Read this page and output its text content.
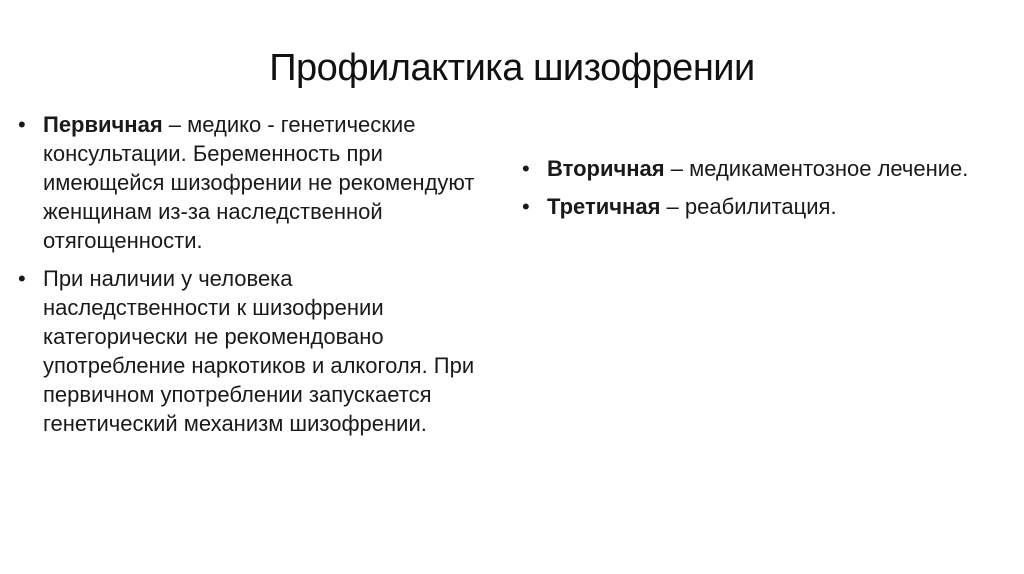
Профилактика шизофрении
• Первичная – медико - генетические консультации. Беременность при имеющейся шизофрении не рекомендуют женщинам из-за наследственной отягощенности.
• При наличии у человека наследственности к шизофрении категорически не рекомендовано употребление наркотиков и алкоголя. При первичном употреблении запускается генетический механизм шизофрении.
• Вторичная – медикаментозное лечение.
• Третичная – реабилитация.
